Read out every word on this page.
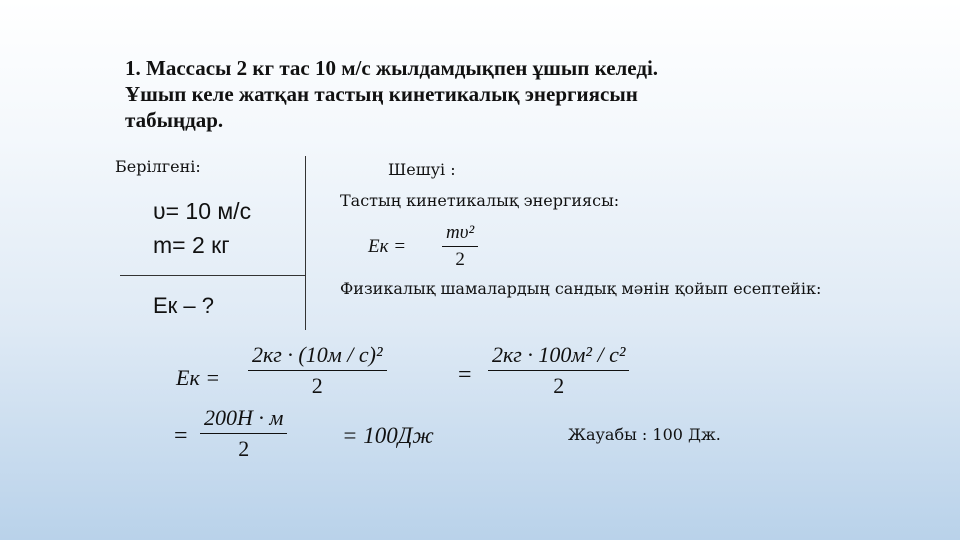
1. Массасы 2 кг тас 10 м/с жылдамдықпен ұшып келеді.
Ұшып келе жатқан тастың кинетикалық энергиясын
табыңдар.
Берілгені:
υ= 10 м/с
m= 2 кг
Eк – ?
Шешуі :
Тастың кинетикалық энергиясы:
Eк = $\frac{\text{mυ²}}{2}$
Физикалық шамалардың сандық мәнін қойып есептейік:
Eк =
2кг · (10м / с)²
2	=
2кг · 100м² / с²
2
=
200Н · м
2
= 100Дж	Жауабы : 100 Дж.
